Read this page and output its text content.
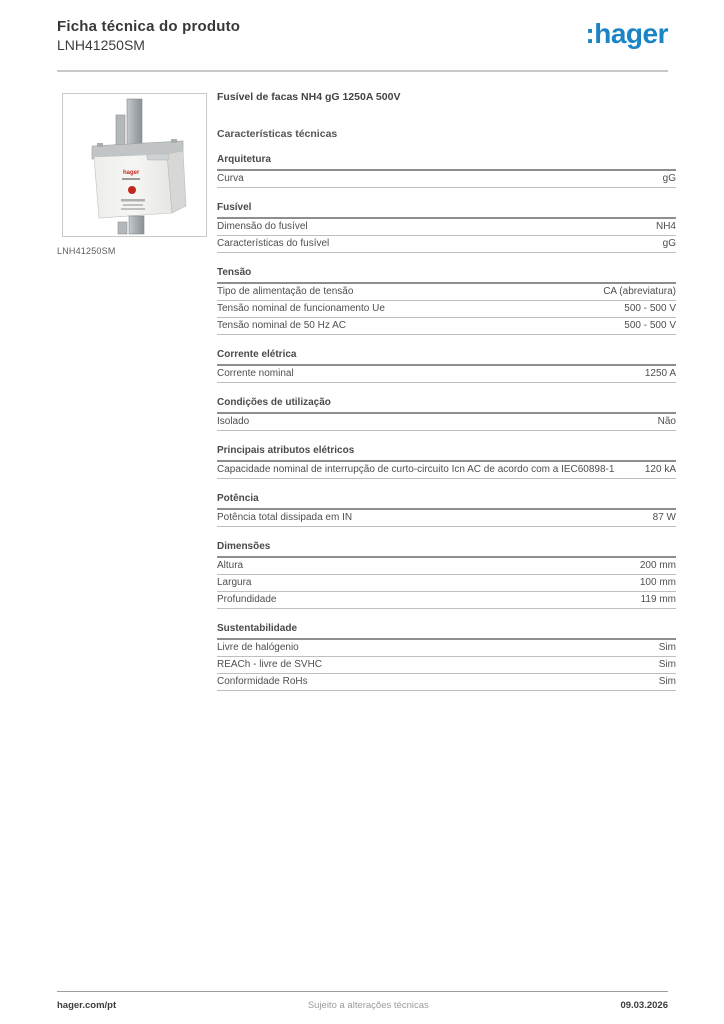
Ficha técnica do produto
LNH41250SM	:hager
hager
LNH41250SM
Fusível de facas NH4 gG 1250A 500V
Características técnicas
Arquitetura
Curva	gG
Fusível
Dimensão do fusível	NH4
Características do fusível	gG
Tensão
Tipo de alimentação de tensão	CA (abreviatura)
Tensão nominal de funcionamento Ue	500 - 500 V
Tensão nominal de 50 Hz AC	500 - 500 V
Corrente elétrica
Corrente nominal	1250 A
Condições de utilização
Isolado	Não
Principais atributos elétricos
Capacidade nominal de interrupção de curto-circuito Icn AC de acordo com a IEC60898-1	120 kA
Potência
Potência total dissipada em IN	87 W
Dimensões
Altura	200 mm
Largura	100 mm
Profundidade	119 mm
Sustentabilidade
Livre de halógenio	Sim
REACh - livre de SVHC	Sim
Conformidade RoHs	Sim
hager.com/pt	Sujeito a alterações técnicas	09.03.2026
